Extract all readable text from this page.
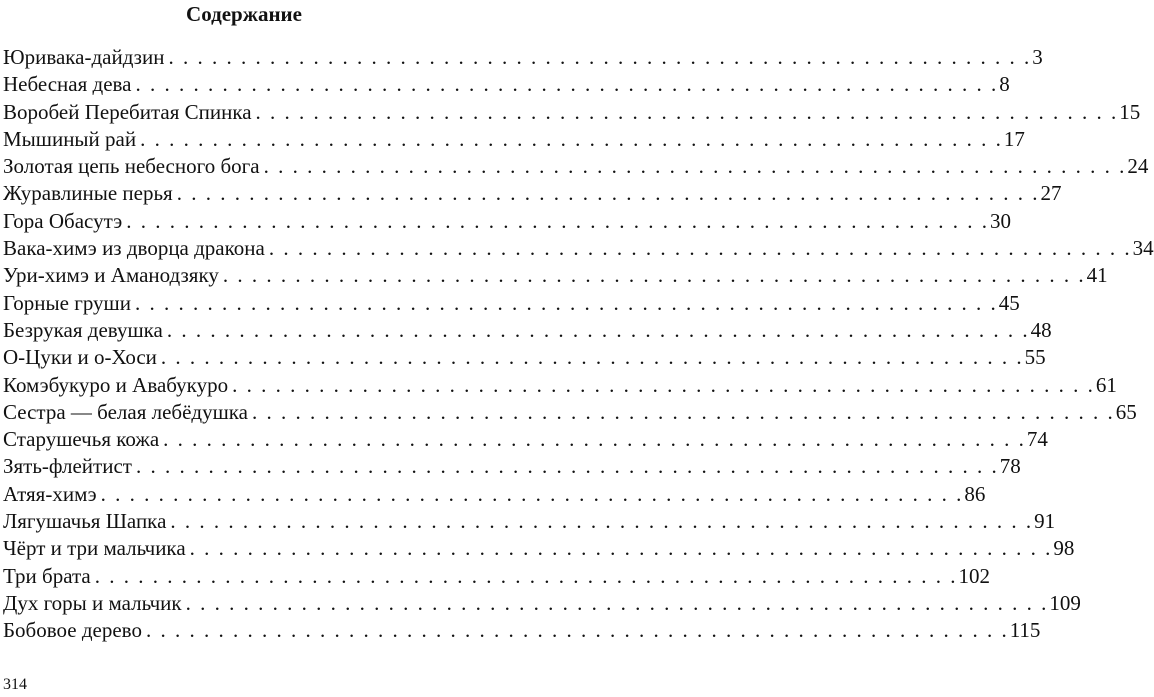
Содержание
Юривака-дайдзин . . . . . . . . . . . . . . . . . . . . . . . . . . . . . . . . . . . . . . . . . . . . . . . . . . . . . . . . . . . . 3
Небесная дева . . . . . . . . . . . . . . . . . . . . . . . . . . . . . . . . . . . . . . . . . . . . . . . . . . . . . . . . . . . . 8
Воробей Перебитая Спинка . . . . . . . . . . . . . . . . . . . . . . . . . . . . . . . . . . . . . . . . . . . . . . . . . . . . . . . . . . . . 15
Мышиный рай . . . . . . . . . . . . . . . . . . . . . . . . . . . . . . . . . . . . . . . . . . . . . . . . . . . . . . . . . . . . 17
Золотая цепь небесного бога . . . . . . . . . . . . . . . . . . . . . . . . . . . . . . . . . . . . . . . . . . . . . . . . . . . . . . . . . . . . 24
Журавлиные перья . . . . . . . . . . . . . . . . . . . . . . . . . . . . . . . . . . . . . . . . . . . . . . . . . . . . . . . . . . . . 27
Гора Обасутэ . . . . . . . . . . . . . . . . . . . . . . . . . . . . . . . . . . . . . . . . . . . . . . . . . . . . . . . . . . . . 30
Вака-химэ из дворца дракона . . . . . . . . . . . . . . . . . . . . . . . . . . . . . . . . . . . . . . . . . . . . . . . . . . . . . . . . . . . . 34
Ури-химэ и Аманодзяку . . . . . . . . . . . . . . . . . . . . . . . . . . . . . . . . . . . . . . . . . . . . . . . . . . . . . . . . . . . . 41
Горные груши . . . . . . . . . . . . . . . . . . . . . . . . . . . . . . . . . . . . . . . . . . . . . . . . . . . . . . . . . . . . 45
Безрукая девушка . . . . . . . . . . . . . . . . . . . . . . . . . . . . . . . . . . . . . . . . . . . . . . . . . . . . . . . . . . . . 48
О-Цуки и о-Хоси . . . . . . . . . . . . . . . . . . . . . . . . . . . . . . . . . . . . . . . . . . . . . . . . . . . . . . . . . . . . 55
Комэбукуро и Авабукуро . . . . . . . . . . . . . . . . . . . . . . . . . . . . . . . . . . . . . . . . . . . . . . . . . . . . . . . . . . . . 61
Сестра — белая лебёдушка . . . . . . . . . . . . . . . . . . . . . . . . . . . . . . . . . . . . . . . . . . . . . . . . . . . . . . . . . . . . 65
Старушечья кожа . . . . . . . . . . . . . . . . . . . . . . . . . . . . . . . . . . . . . . . . . . . . . . . . . . . . . . . . . . . . 74
Зять-флейтист . . . . . . . . . . . . . . . . . . . . . . . . . . . . . . . . . . . . . . . . . . . . . . . . . . . . . . . . . . . . 78
Атяя-химэ . . . . . . . . . . . . . . . . . . . . . . . . . . . . . . . . . . . . . . . . . . . . . . . . . . . . . . . . . . . . 86
Лягушачья Шапка . . . . . . . . . . . . . . . . . . . . . . . . . . . . . . . . . . . . . . . . . . . . . . . . . . . . . . . . . . . . 91
Чёрт и три мальчика . . . . . . . . . . . . . . . . . . . . . . . . . . . . . . . . . . . . . . . . . . . . . . . . . . . . . . . . . . . . 98
Три брата . . . . . . . . . . . . . . . . . . . . . . . . . . . . . . . . . . . . . . . . . . . . . . . . . . . . . . . . . . . . 102
Дух горы и мальчик . . . . . . . . . . . . . . . . . . . . . . . . . . . . . . . . . . . . . . . . . . . . . . . . . . . . . . . . . . . . 109
Бобовое дерево . . . . . . . . . . . . . . . . . . . . . . . . . . . . . . . . . . . . . . . . . . . . . . . . . . . . . . . . . . . . 115
314
